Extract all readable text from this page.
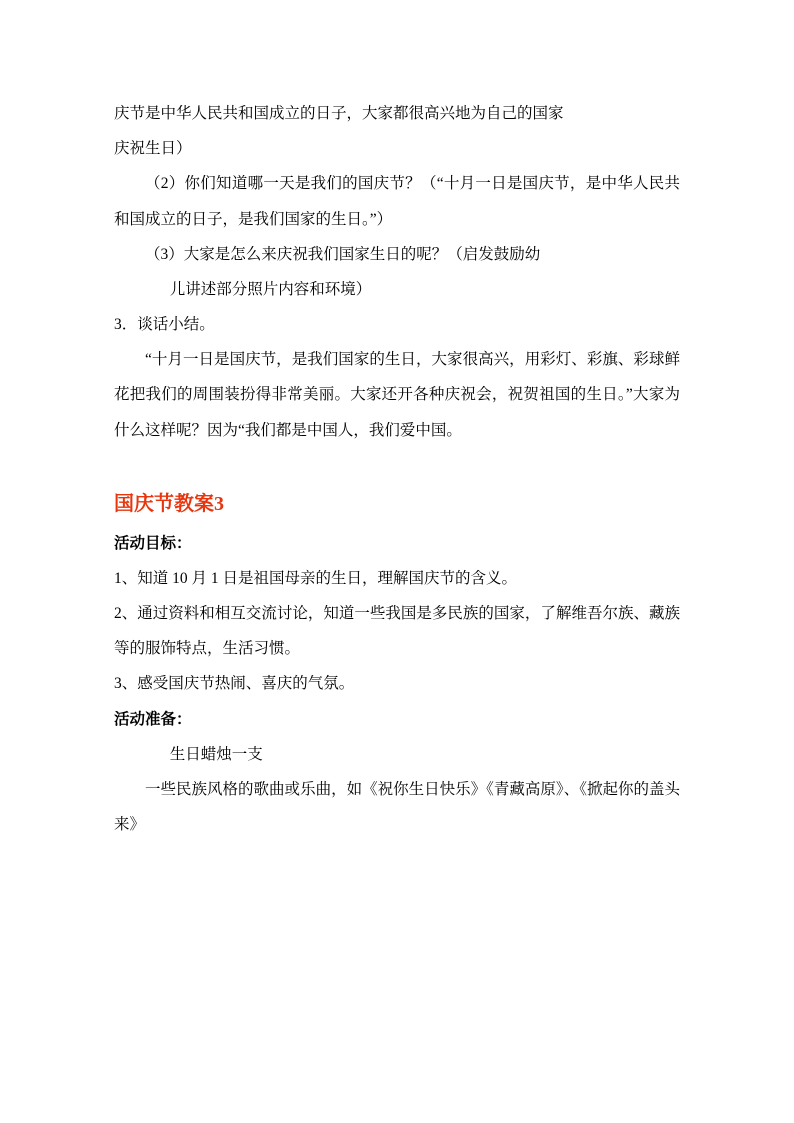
庆节是中华人民共和国成立的日子，大家都很高兴地为自己的国家

庆祝生日）

（2）你们知道哪一天是我们的国庆节？（“十月一日是国庆节，是中华人民共和国成立的日子，是我们国家的生日。”）

（3）大家是怎么来庆祝我们国家生日的呢？（启发鼓励幼

儿讲述部分照片内容和环境）

3．谈话小结。

“十月一日是国庆节，是我们国家的生日，大家很高兴，用彩灯、彩旗、彩球鲜花把我们的周围装扮得非常美丽。大家还开各种庆祝会，祝贺祖国的生日。”大家为什么这样呢？因为“我们都是中国人，我们爱中国。

国庆节教案3

活动目标：

1、知道 10 月 1 日是祖国母亲的生日，理解国庆节的含义。

2、通过资料和相互交流讨论，知道一些我国是多民族的国家，了解维吾尔族、藏族等的服饰特点，生活习惯。

3、感受国庆节热闹、喜庆的气氛。

活动准备：

生日蜡烛一支

一些民族风格的歌曲或乐曲，如《祝你生日快乐》《青藏高原》、《掀起你的盖头来》
